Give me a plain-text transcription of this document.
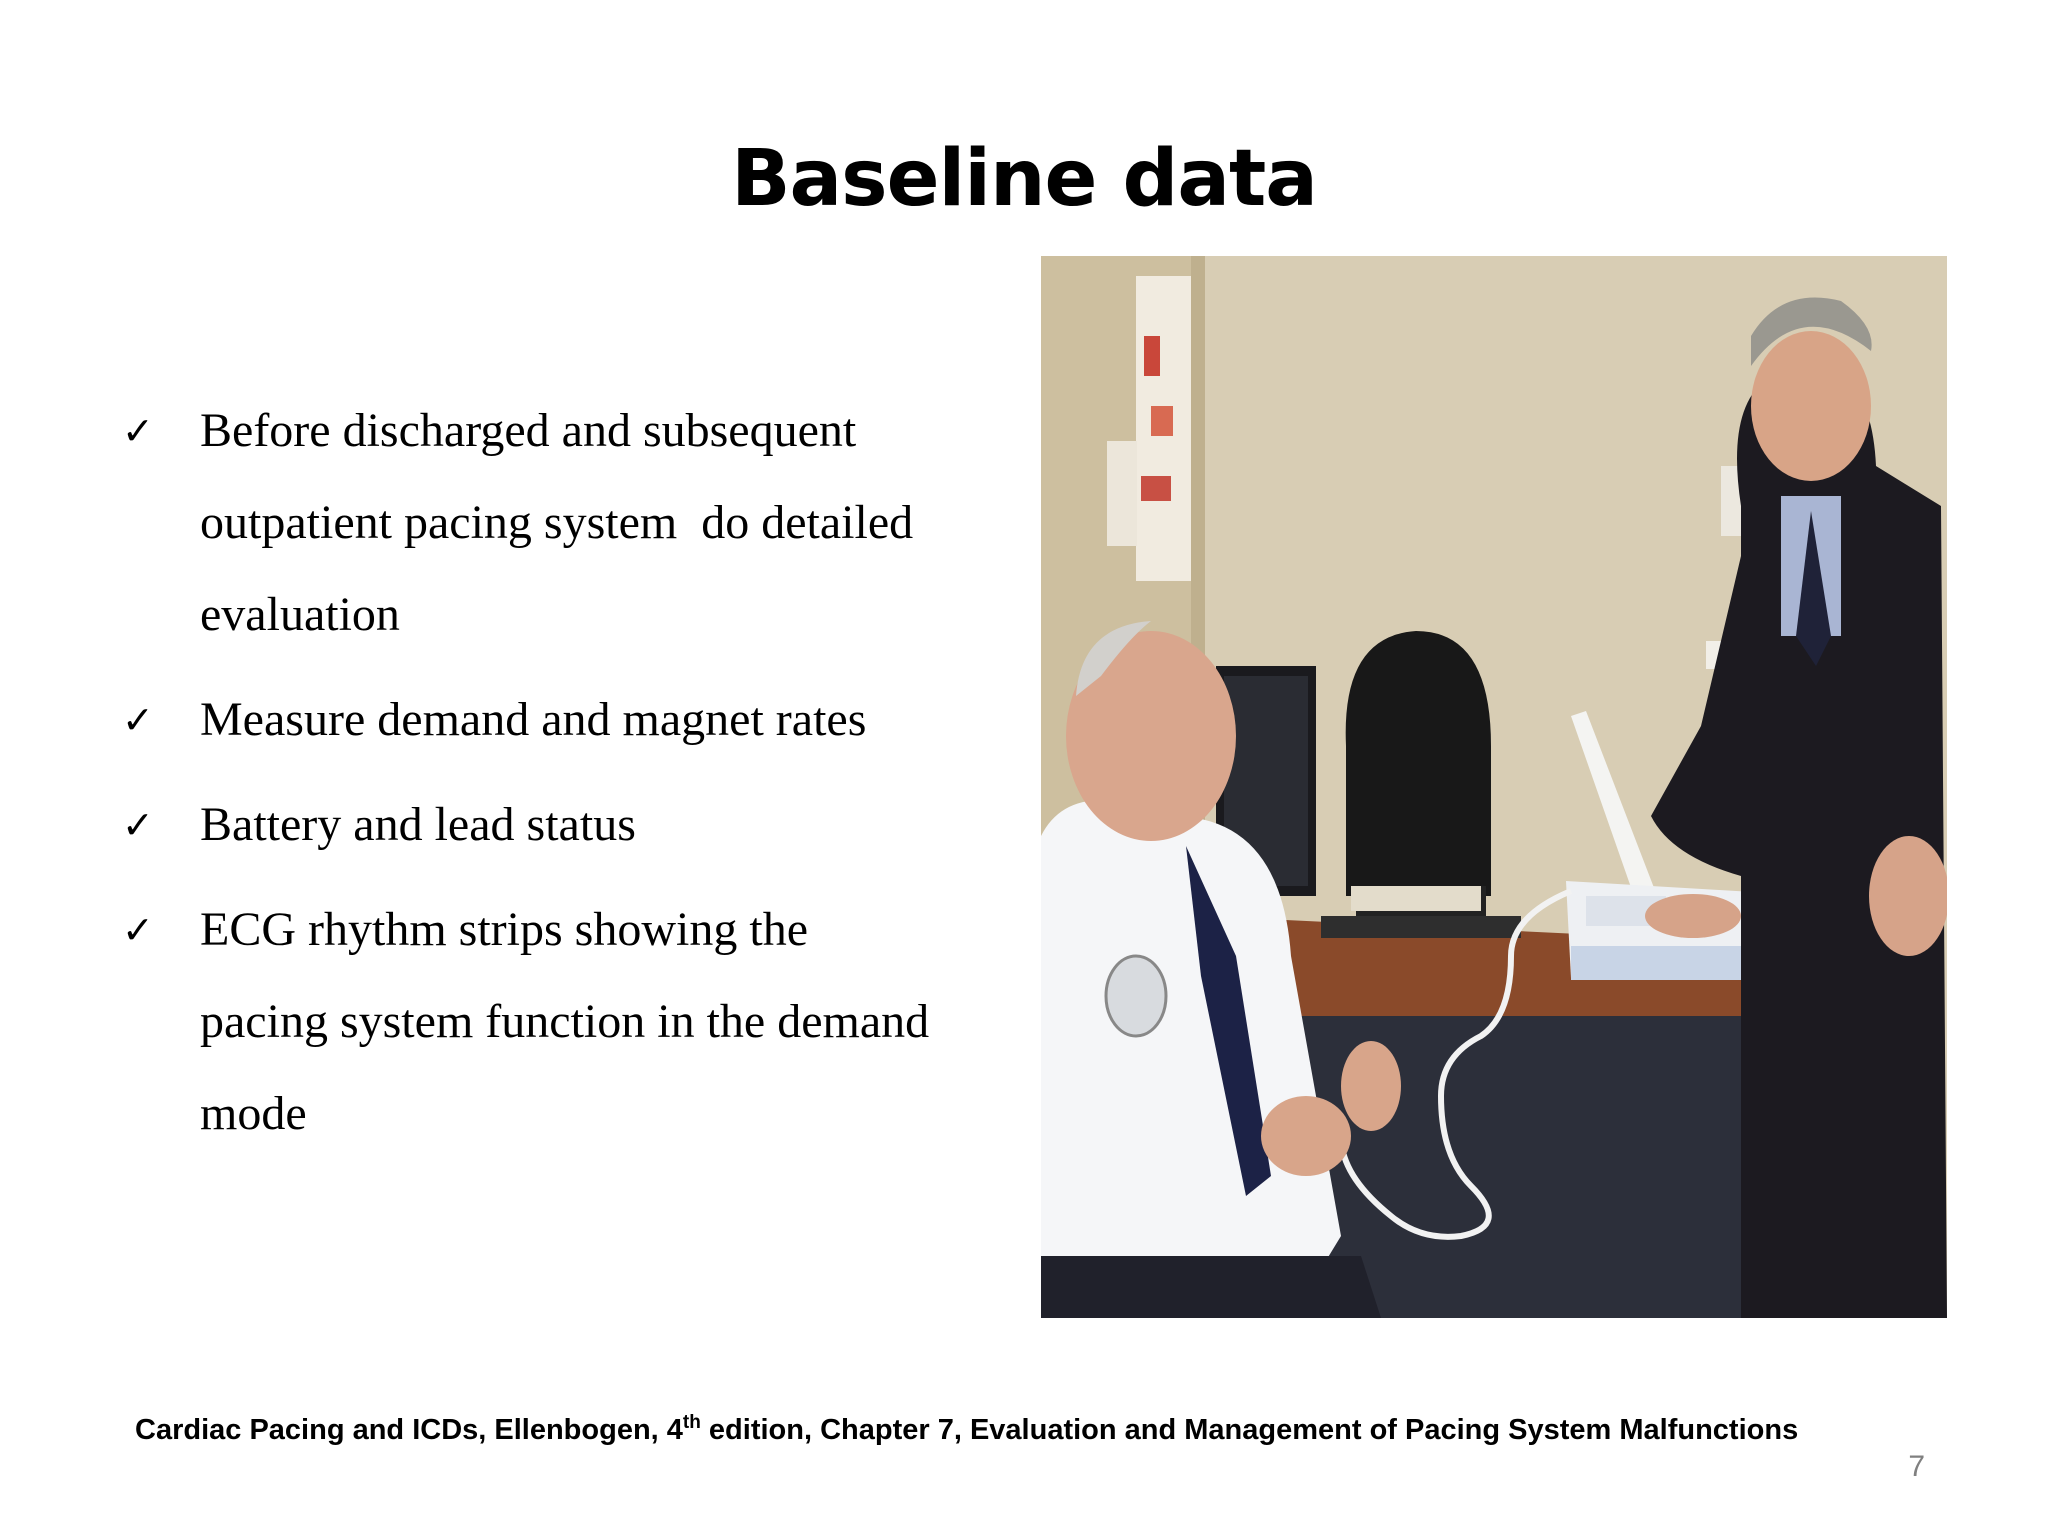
Baseline data
✓ Before discharged and subsequent
outpatient pacing system  do detailed
evaluation
✓ Measure demand and magnet rates
✓ Battery and lead status
✓ ECG rhythm strips showing the
pacing system function in the demand
mode
Cardiac Pacing and ICDs, Ellenbogen, 4th edition, Chapter 7, Evaluation and Management of Pacing System Malfunctions
7
